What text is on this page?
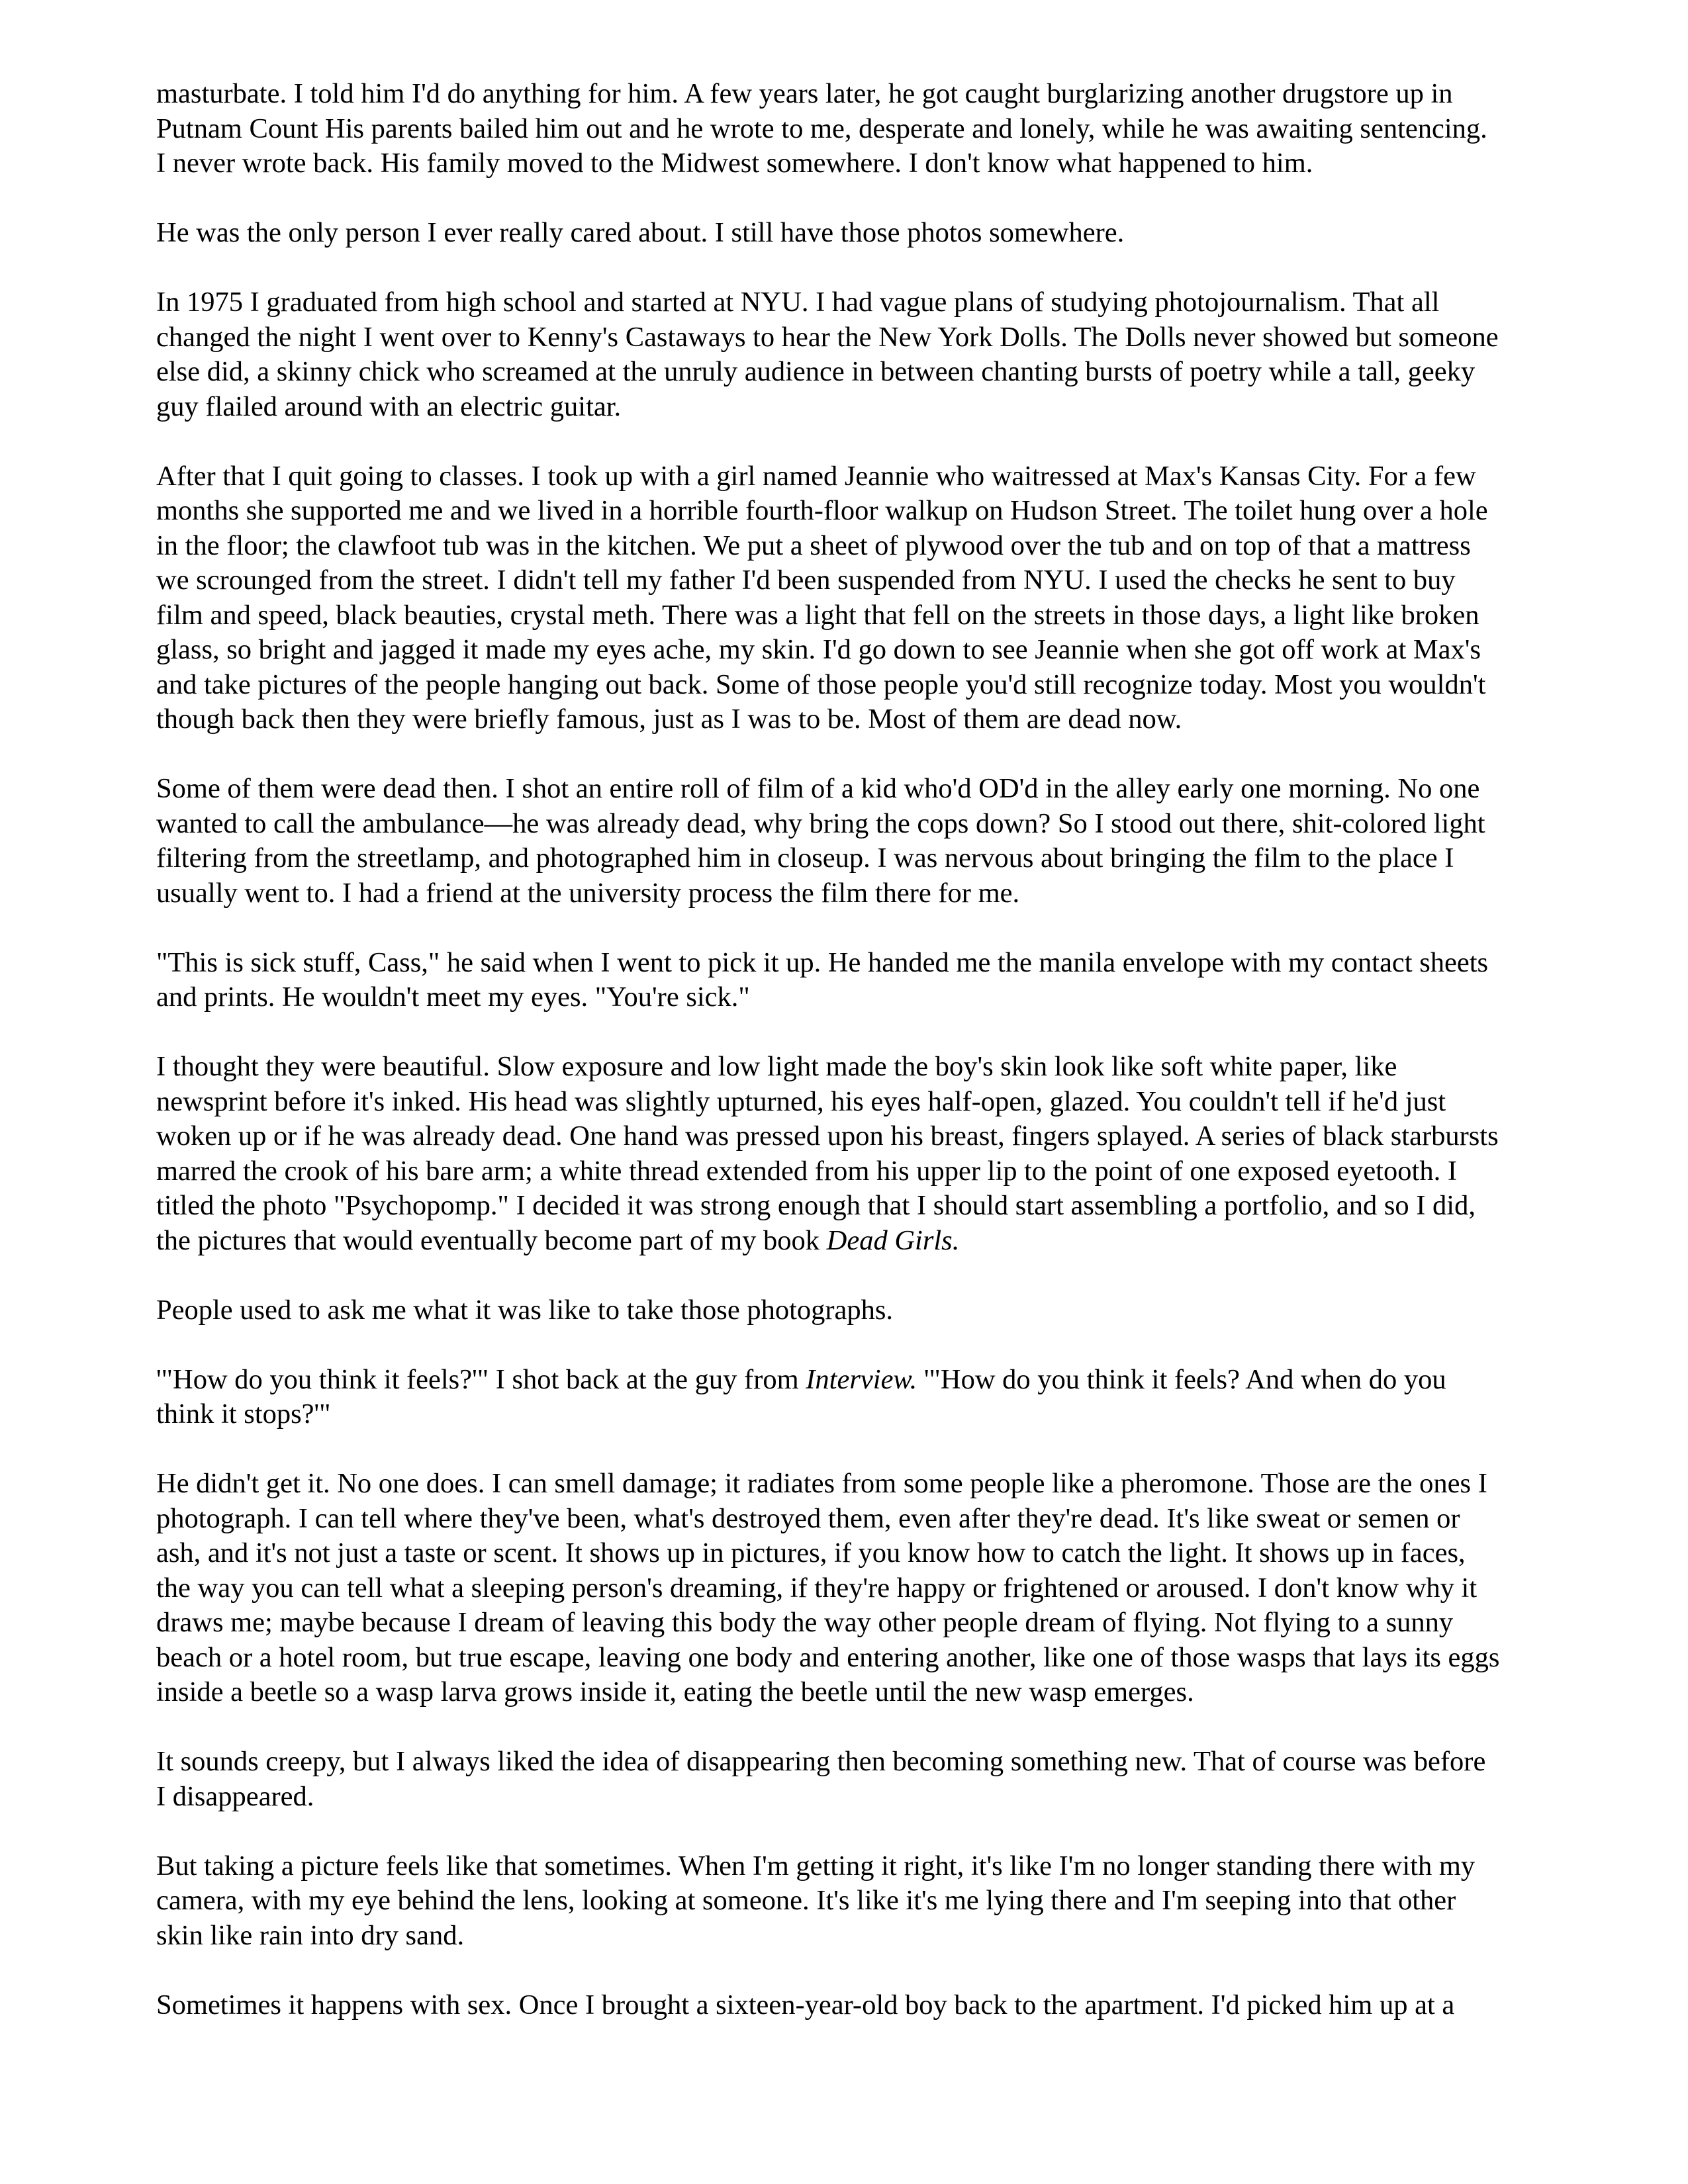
masturbate. I told him I'd do anything for him. A few years later, he got caught burglarizing another drugstore up in
Putnam Count His parents bailed him out and he wrote to me, desperate and lonely, while he was awaiting sentencing.
I never wrote back. His family moved to the Midwest somewhere. I don't know what happened to him.

He was the only person I ever really cared about. I still have those photos somewhere.

In 1975 I graduated from high school and started at NYU. I had vague plans of studying photojournalism. That all
changed the night I went over to Kenny's Castaways to hear the New York Dolls. The Dolls never showed but someone
else did, a skinny chick who screamed at the unruly audience in between chanting bursts of poetry while a tall, geeky
guy flailed around with an electric guitar.

After that I quit going to classes. I took up with a girl named Jeannie who waitressed at Max's Kansas City. For a few
months she supported me and we lived in a horrible fourth-floor walkup on Hudson Street. The toilet hung over a hole
in the floor; the clawfoot tub was in the kitchen. We put a sheet of plywood over the tub and on top of that a mattress
we scrounged from the street. I didn't tell my father I'd been suspended from NYU. I used the checks he sent to buy
film and speed, black beauties, crystal meth. There was a light that fell on the streets in those days, a light like broken
glass, so bright and jagged it made my eyes ache, my skin. I'd go down to see Jeannie when she got off work at Max's
and take pictures of the people hanging out back. Some of those people you'd still recognize today. Most you wouldn't
though back then they were briefly famous, just as I was to be. Most of them are dead now.

Some of them were dead then. I shot an entire roll of film of a kid who'd OD'd in the alley early one morning. No one
wanted to call the ambulance—he was already dead, why bring the cops down? So I stood out there, shit-colored light
filtering from the streetlamp, and photographed him in closeup. I was nervous about bringing the film to the place I
usually went to. I had a friend at the university process the film there for me.

"This is sick stuff, Cass," he said when I went to pick it up. He handed me the manila envelope with my contact sheets
and prints. He wouldn't meet my eyes. "You're sick."

I thought they were beautiful. Slow exposure and low light made the boy's skin look like soft white paper, like
newsprint before it's inked. His head was slightly upturned, his eyes half-open, glazed. You couldn't tell if he'd just
woken up or if he was already dead. One hand was pressed upon his breast, fingers splayed. A series of black starbursts
marred the crook of his bare arm; a white thread extended from his upper lip to the point of one exposed eyetooth. I
titled the photo "Psychopomp." I decided it was strong enough that I should start assembling a portfolio, and so I did,
the pictures that would eventually become part of my book Dead Girls.

People used to ask me what it was like to take those photographs.

'"How do you think it feels?'" I shot back at the guy from Interview. '"How do you think it feels? And when do you
think it stops?'"

He didn't get it. No one does. I can smell damage; it radiates from some people like a pheromone. Those are the ones I
photograph. I can tell where they've been, what's destroyed them, even after they're dead. It's like sweat or semen or
ash, and it's not just a taste or scent. It shows up in pictures, if you know how to catch the light. It shows up in faces,
the way you can tell what a sleeping person's dreaming, if they're happy or frightened or aroused. I don't know why it
draws me; maybe because I dream of leaving this body the way other people dream of flying. Not flying to a sunny
beach or a hotel room, but true escape, leaving one body and entering another, like one of those wasps that lays its eggs
inside a beetle so a wasp larva grows inside it, eating the beetle until the new wasp emerges.

It sounds creepy, but I always liked the idea of disappearing then becoming something new. That of course was before
I disappeared.

But taking a picture feels like that sometimes. When I'm getting it right, it's like I'm no longer standing there with my
camera, with my eye behind the lens, looking at someone. It's like it's me lying there and I'm seeping into that other
skin like rain into dry sand.

Sometimes it happens with sex. Once I brought a sixteen-year-old boy back to the apartment. I'd picked him up at a
